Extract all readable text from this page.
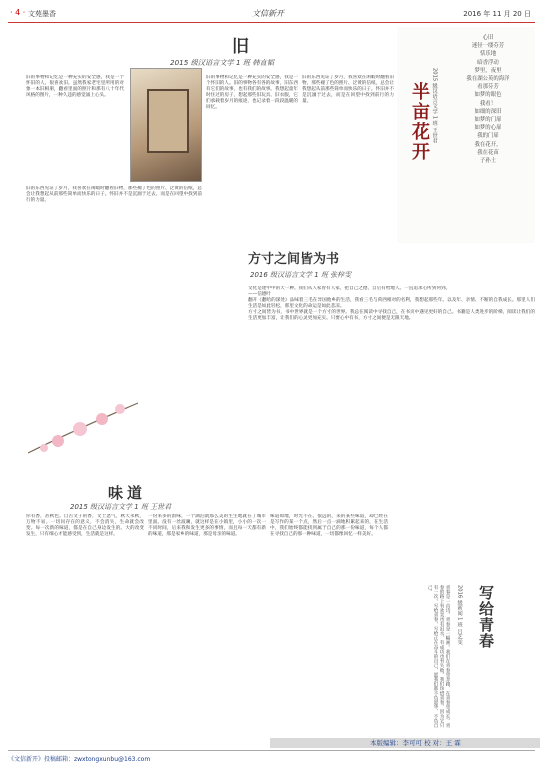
· 4 · 文苑墨香	文信新开	2016 年 11 月 20 日
旧
2015 级汉语言文学 1 班 韩直韬
旧的事物和记忆是一种充实的安全感，我是一个怀旧的人，很喜欢旧。虽然我家老宅里所用的对象一本旧相册，翻看里面的照片和那有八十年代风格的图片，一种久违的感觉涌上心头。
旧的事物和记忆是一种充实的安全感，我是一个怀旧的人。旧的事物各有各的故事，旧东西有它们的故事，也有我们的故事。我想起童年时住过的房子，想起那些旧玩具、旧衣服，它们承载着岁月的痕迹，也记录着一段段温暖的回忆。
旧的东西见证了岁月，我喜欢在闲暇时翻看旧物，那些褪了色的照片、泛黄的信纸，总会让我想起从前那些简单而快乐的日子。怀旧并不是沉湎于过去，而是在回望中找到前行的力量。
旧的东西见证了岁月，我喜欢在闲暇时翻看旧物，那些褪了色的照片、泛黄的信纸，总会让我想起从前那些简单而快乐的日子。怀旧并不是沉湎于过去，而是在回望中找到前行的力量。
半亩花开 2015 级汉语言文学 1 班 王世君
心旧
迷径一缕芬芳
恬乐地
暗香浮动
梦里，夜里
我在湖公英的海洋
看那芬芳
如梦的眼色
我看！
如细的深旧
如梦的门扉
如梦的心扉
我的门扉
我在花开，
我在花苗
子孙土
方寸之间皆为书
2016 级汉语言文学 1 班 张梓雯
文化是建中中的天一种。我们从人家曾有人家，把自己之德，自后有给地人。一直追求心所到何到。
——信德叶
翻开《翻哈的深处》品味着三毛在异国他乡的生活，我看三毛与荷西相对的名利，我想起那些年。以及年、亲情、不断的自我成长。那里人们生活是如此轻松，那里文化的命运是如此悲凉。
方寸之间皆为书，书中世界就是一个方寸的世界。我总在阅读中寻找自己，在书页中遇见更好的自己。书籍是人类进步的阶梯，阅读让我们的生活更加丰富，让我们的心灵更加充实。只要心中有书，方寸之间便是无限天地。
味道
2015 级汉语言文学 1 班 王世君
你有香，甚秋色。自古文子的香，文士恶气，秋天永秋，万物不易。一切问存在的意义，不会消失，生命就会改变。每一次新的味道，都是在自己身边发生的。大的改变发生，只有细心才能感受到，生活就是这样。
一份来多的韵味，一个湖泊就那么美的生生地就在了城市里面。没有一丝波澜，就这样是在小镇里，小小的一次一不同时间，后来我和发生更多的事情，而且每一天都有新的味道，那是家乡的味道，那是母亲的味道。
味道如地，时光不在。很远的，来的某些味道，却已经在是写作的某一个点，然后一点一滴地积累起来的，在生活中，我们始终都能找到属于自己的那一份味道，每个人都在寻找自己的那一种味道，一切都像回忆一样美好。
写给青春
2016 级新闻 1 班 吕艺雯
青春是一首诗，青春是一幅画。我们在青春里奔跑，在青春里成长。青春的路上有欢笑也有泪水，有成功也有失败。我们珍惜青春，因为它只有一次。写给青春，写给正在奋斗的自己，愿我们都不负韶华，不负自己。
本版编辑：李可可 校 对：王 霖
《文信新开》投稿邮箱：zwxtongxunbu@163.com
